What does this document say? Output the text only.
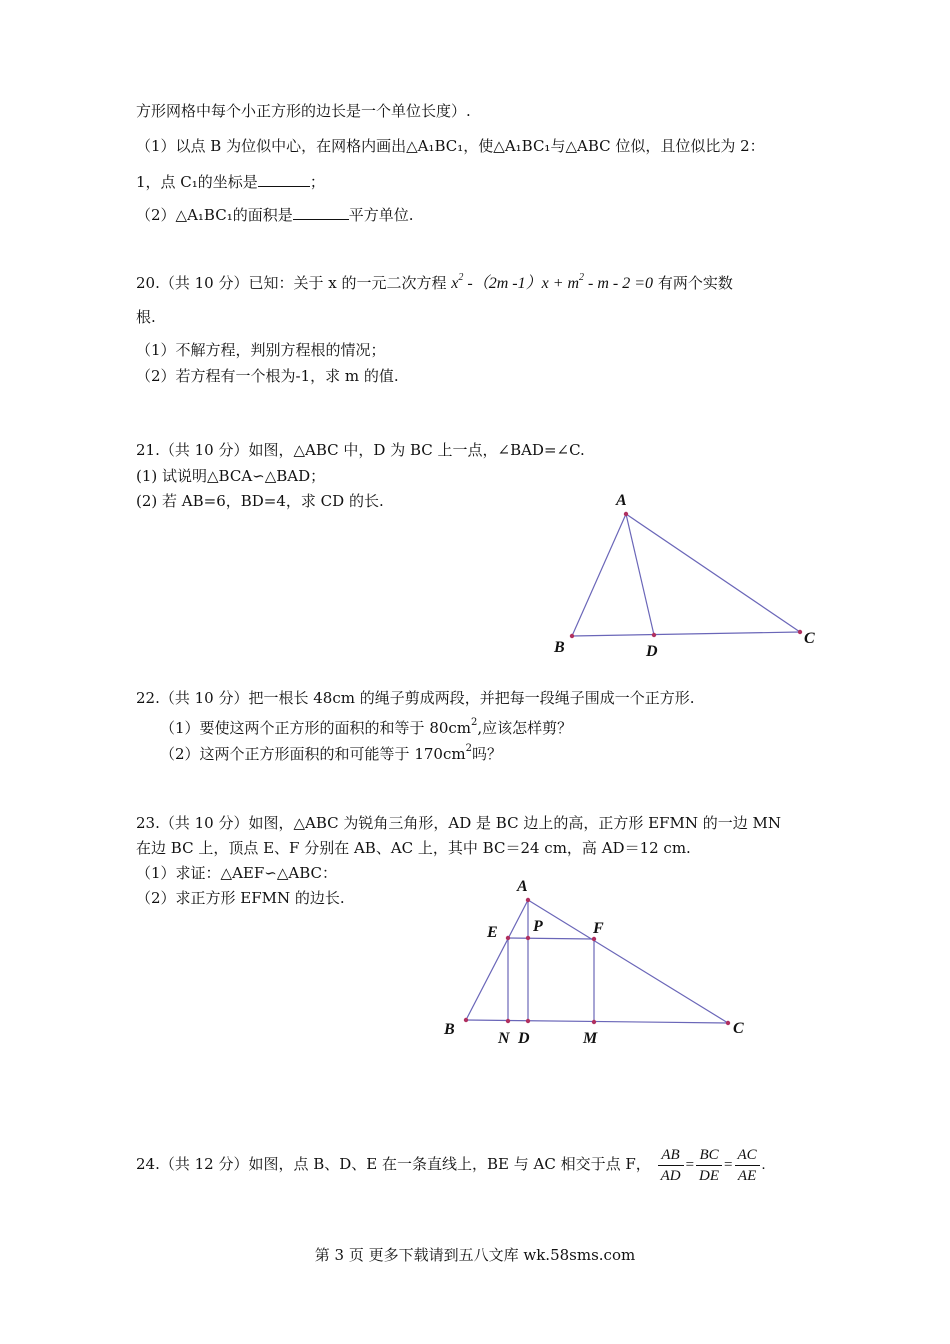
方形网格中每个小正方形的边长是一个单位长度）.
（1）以点 B 为位似中心，在网格内画出△A₁BC₁，使△A₁BC₁与△ABC 位似，且位似比为 2：
1，点 C₁的坐标是	；
（2）△A₁BC₁的面积是	平方单位.
20.（共 10 分）已知：关于 x 的一元二次方程 $x^2$ -（2m $-1)x + m^2 - m - 2 =0$ 有两个实数
根.
（1）不解方程，判别方程根的情况；
（2）若方程有一个根为-1，求 m 的值.
21.（共 10 分）如图，△ABC 中，D 为 BC 上一点，∠BAD=∠C.
(1) 试说明△BCA∽△BAD；
(2) 若 AB=6，BD=4，求 CD 的长.	A
B
C
D
22.（共 10 分）把一根长 48cm 的绳子剪成两段，并把每一段绳子围成一个正方形.
（1）要使这两个正方形的面积的和等于 $80cm^2$,应该怎样剪？
（2）这两个正方形面积的和可能等于 $170cm^2$吗？
23.（共 10 分）如图，△ABC 为锐角三角形，AD 是 BC 边上的高，正方形 EFMN 的一边 MN
在边 BC 上，顶点 E、F 分别在 AB、AC 上，其中 BC＝24 cm，高 AD＝12 cm.
（1）求证：△AEF∽△ABC：
（2）求正方形 EFMN 的边长.
A
B	C
D
E	F
M
N
P
24.（共 12 分）如图，点 B、D、E 在一条直线上，BE 与 AC 相交于点 F， $\frac{AB}{AD} = \frac{BC}{DE} = \frac{AC}{AE}$ .
第 3 页 更多下载请到五八文库 wk.58sms.com
